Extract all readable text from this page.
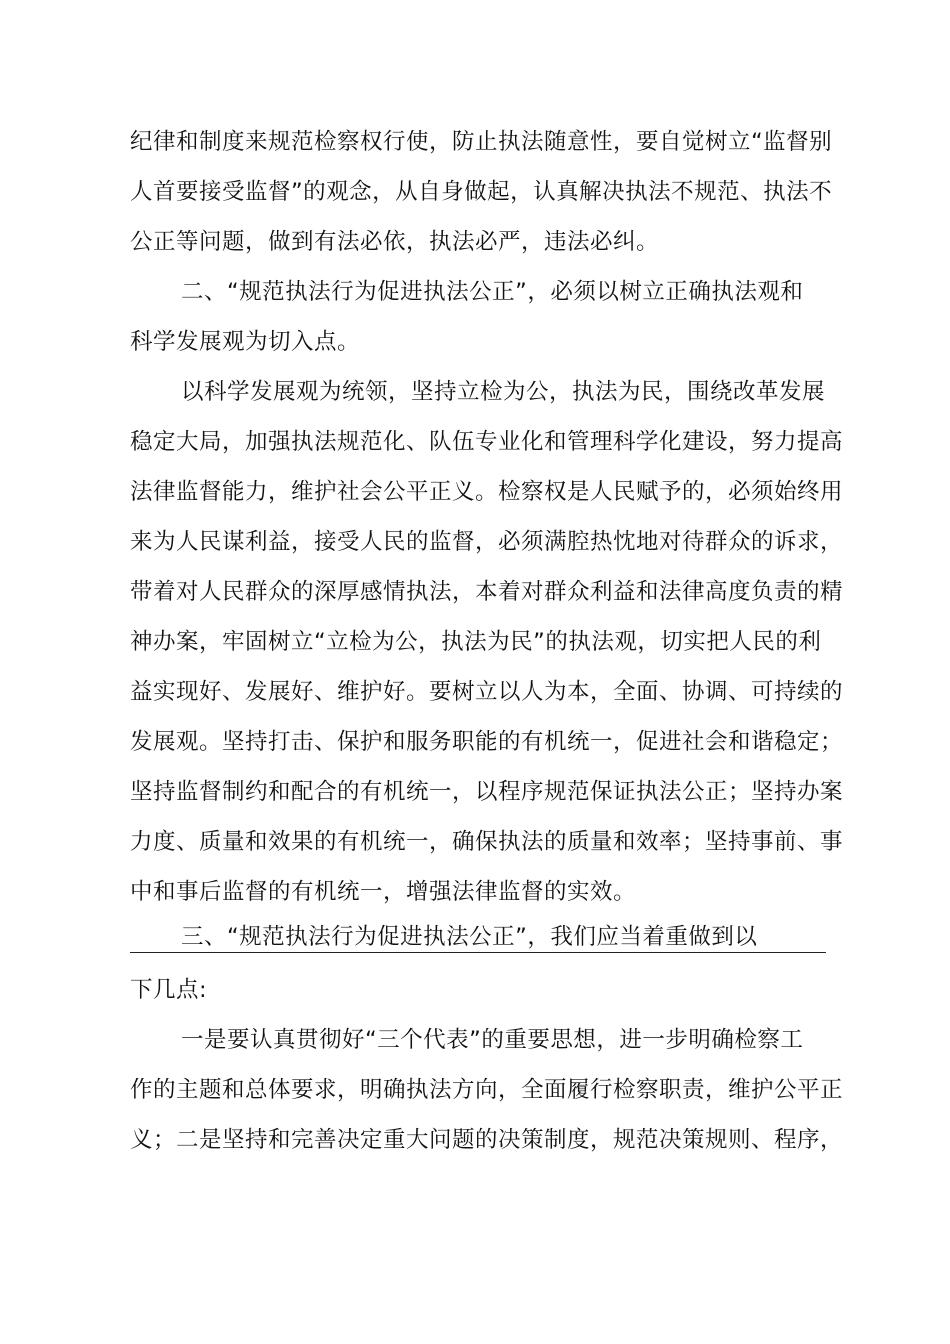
纪律和制度来规范检察权行使，防止执法随意性，要自觉树立“监督别
人首要接受监督”的观念，从自身做起，认真解决执法不规范、执法不
公正等问题，做到有法必依，执法必严，违法必纠。
二、“规范执法行为促进执法公正”，必须以树立正确执法观和
科学发展观为切入点。
以科学发展观为统领，坚持立检为公，执法为民，围绕改革发展
稳定大局，加强执法规范化、队伍专业化和管理科学化建设，努力提高
法律监督能力，维护社会公平正义。检察权是人民赋予的，必须始终用
来为人民谋利益，接受人民的监督，必须满腔热忱地对待群众的诉求，
带着对人民群众的深厚感情执法，本着对群众利益和法律高度负责的精
神办案，牢固树立“立检为公，执法为民”的执法观，切实把人民的利
益实现好、发展好、维护好。要树立以人为本，全面、协调、可持续的
发展观。坚持打击、保护和服务职能的有机统一，促进社会和谐稳定；
坚持监督制约和配合的有机统一，以程序规范保证执法公正；坚持办案
力度、质量和效果的有机统一，确保执法的质量和效率；坚持事前、事
中和事后监督的有机统一，增强法律监督的实效。
三、“规范执法行为促进执法公正”，我们应当着重做到以
下几点:
一是要认真贯彻好“三个代表”的重要思想，进一步明确检察工
作的主题和总体要求，明确执法方向，全面履行检察职责，维护公平正
义；二是坚持和完善决定重大问题的决策制度，规范决策规则、程序，
